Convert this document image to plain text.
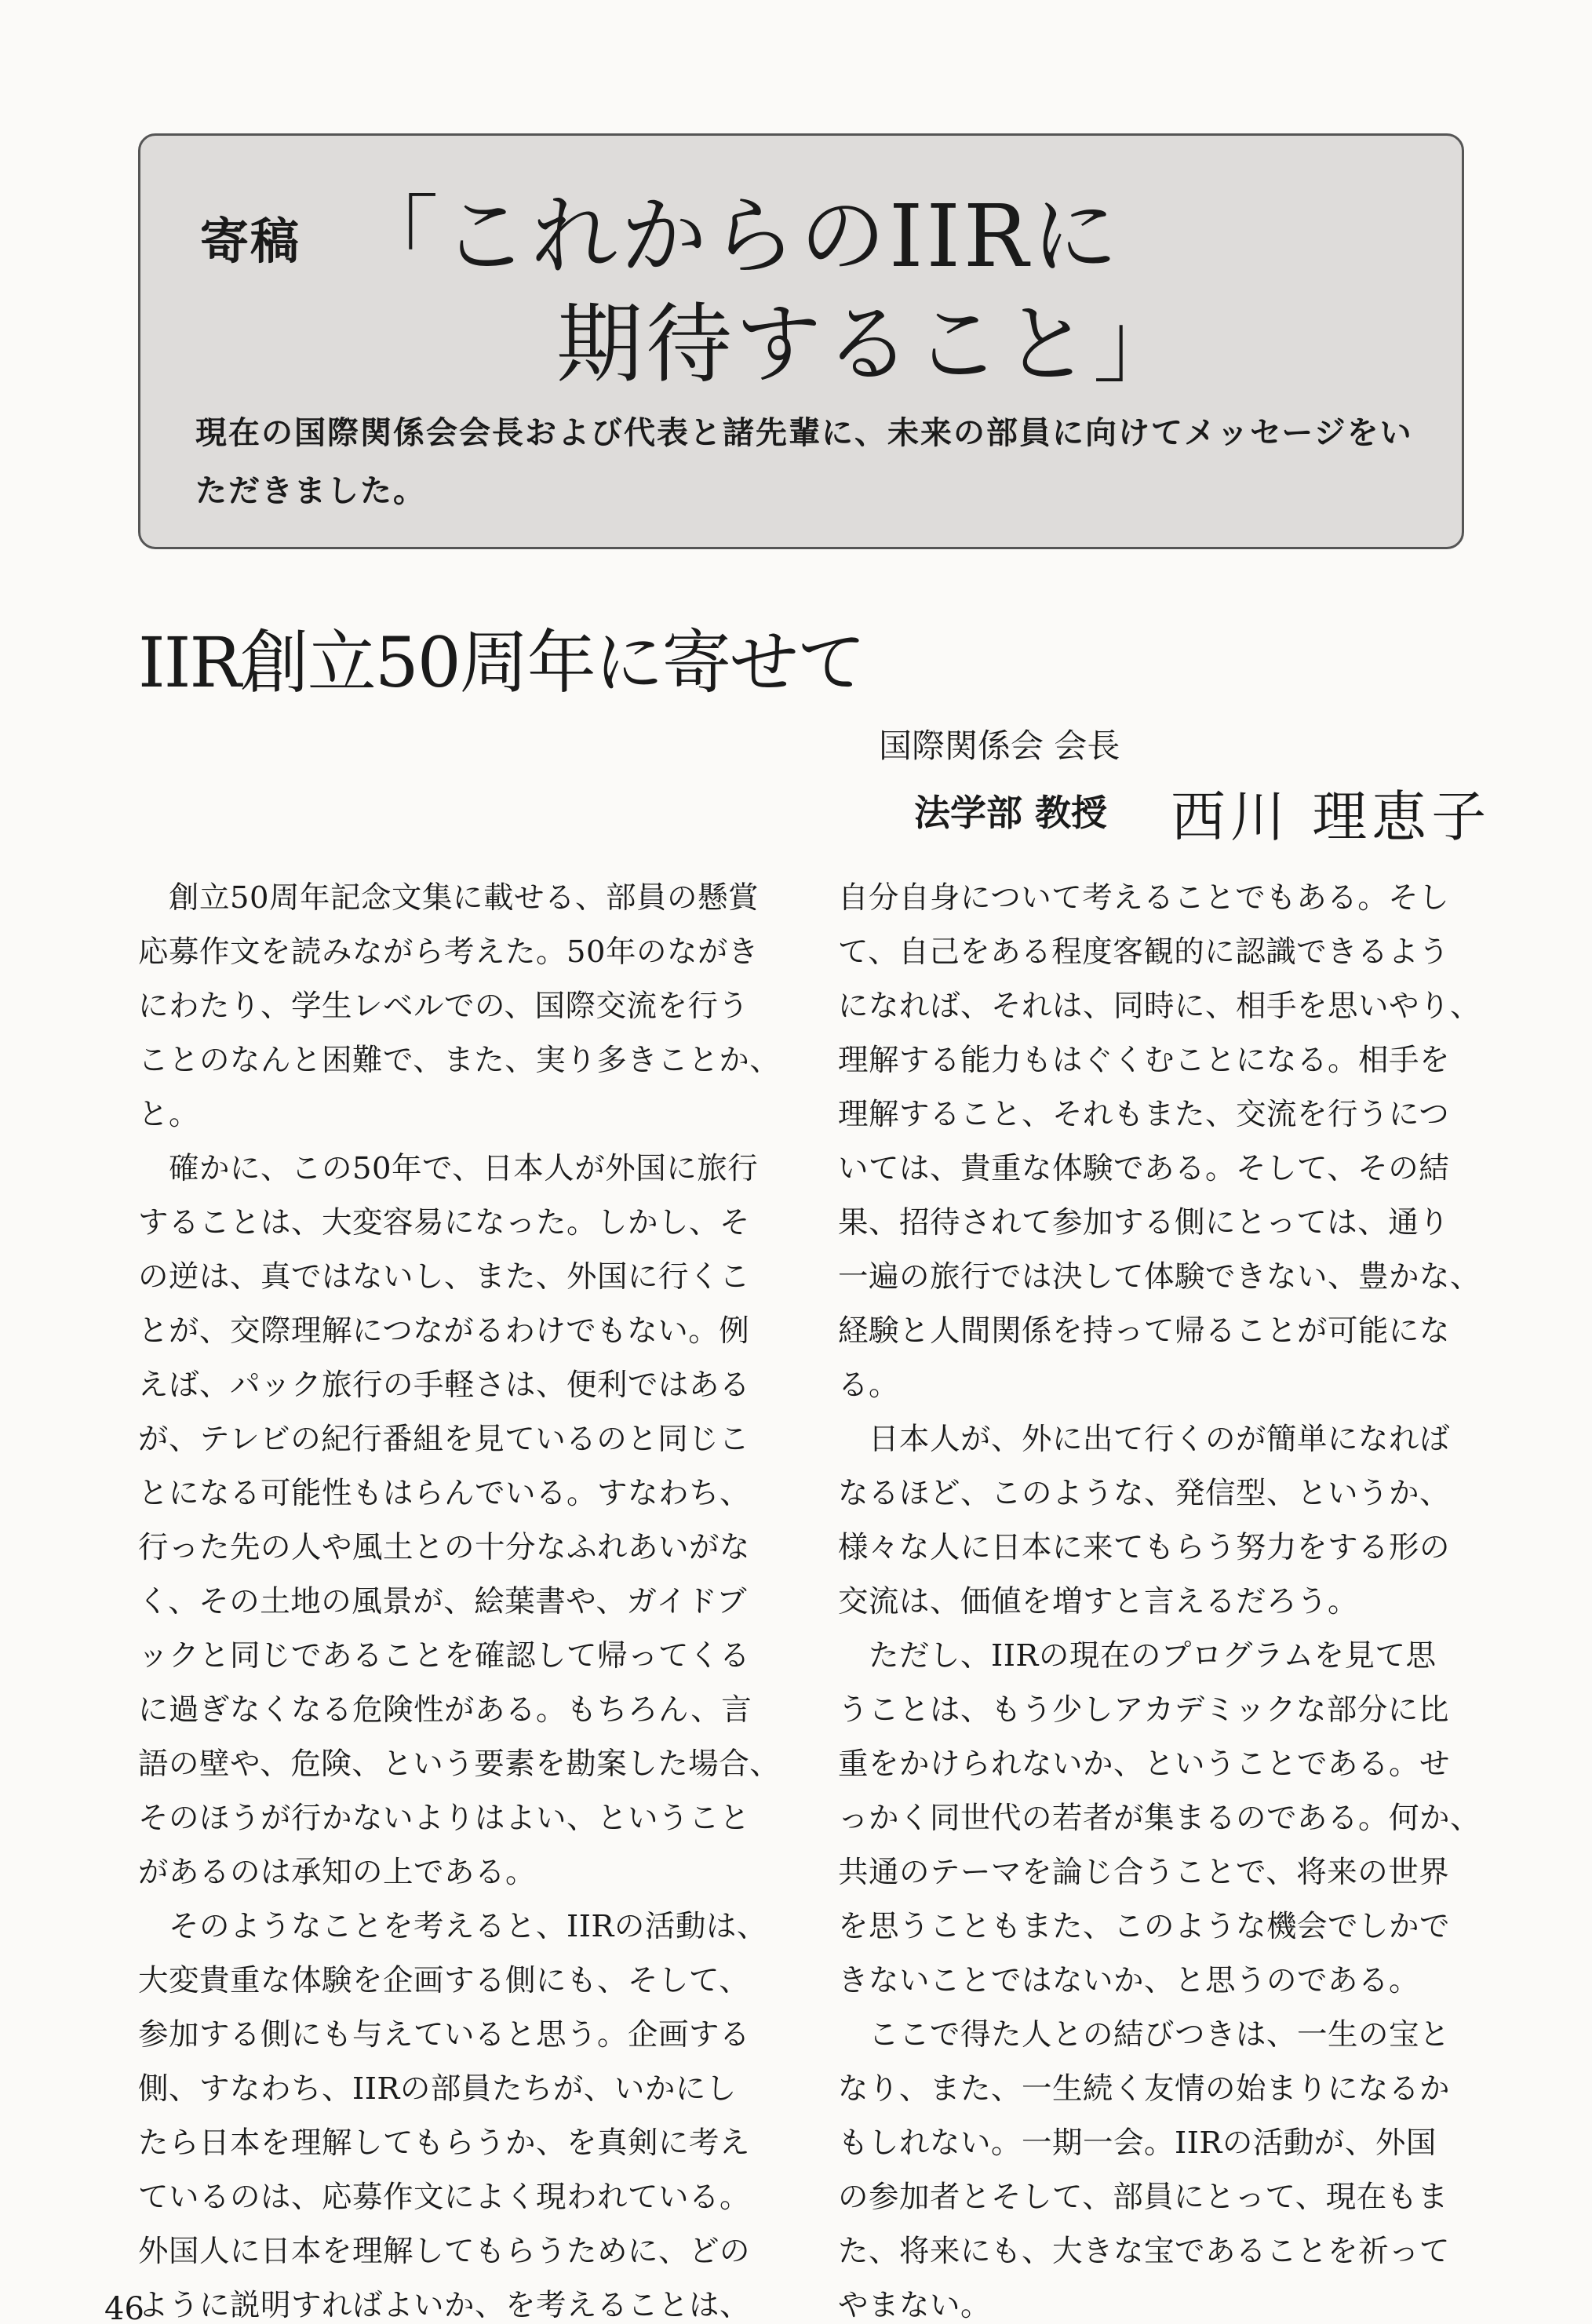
寄稿 「これからのIIRに
期待すること」
現在の国際関係会会長および代表と諸先輩に、未来の部員に向けてメッセージをい
ただきました。
IIR創立50周年に寄せて
国際関係会 会長
法学部 教授 西川 理恵子
　創立50周年記念文集に載せる、部員の懸賞
応募作文を読みながら考えた。50年のながき
にわたり、学生レベルでの、国際交流を行う
ことのなんと困難で、また、実り多きことか、
と。
　確かに、この50年で、日本人が外国に旅行
することは、大変容易になった。しかし、そ
の逆は、真ではないし、また、外国に行くこ
とが、交際理解につながるわけでもない。例
えば、パック旅行の手軽さは、便利ではある
が、テレビの紀行番組を見ているのと同じこ
とになる可能性もはらんでいる。すなわち、
行った先の人や風土との十分なふれあいがな
く、その土地の風景が、絵葉書や、ガイドブ
ックと同じであることを確認して帰ってくる
に過ぎなくなる危険性がある。もちろん、言
語の壁や、危険、という要素を勘案した場合、
そのほうが行かないよりはよい、ということ
があるのは承知の上である。
　そのようなことを考えると、IIRの活動は、
大変貴重な体験を企画する側にも、そして、
参加する側にも与えていると思う。企画する
側、すなわち、IIRの部員たちが、いかにし
たら日本を理解してもらうか、を真剣に考え
ているのは、応募作文によく現われている。
外国人に日本を理解してもらうために、どの
ように説明すればよいか、を考えることは、
自分自身について考えることでもある。そし
て、自己をある程度客観的に認識できるよう
になれば、それは、同時に、相手を思いやり、
理解する能力もはぐくむことになる。相手を
理解すること、それもまた、交流を行うにつ
いては、貴重な体験である。そして、その結
果、招待されて参加する側にとっては、通り
一遍の旅行では決して体験できない、豊かな、
経験と人間関係を持って帰ることが可能にな
る。
　日本人が、外に出て行くのが簡単になれば
なるほど、このような、発信型、というか、
様々な人に日本に来てもらう努力をする形の
交流は、価値を増すと言えるだろう。
　ただし、IIRの現在のプログラムを見て思
うことは、もう少しアカデミックな部分に比
重をかけられないか、ということである。せ
っかく同世代の若者が集まるのである。何か、
共通のテーマを論じ合うことで、将来の世界
を思うこともまた、このような機会でしかで
きないことではないか、と思うのである。
　ここで得た人との結びつきは、一生の宝と
なり、また、一生続く友情の始まりになるか
もしれない。一期一会。IIRの活動が、外国
の参加者とそして、部員にとって、現在もま
た、将来にも、大きな宝であることを祈って
やまない。
46
